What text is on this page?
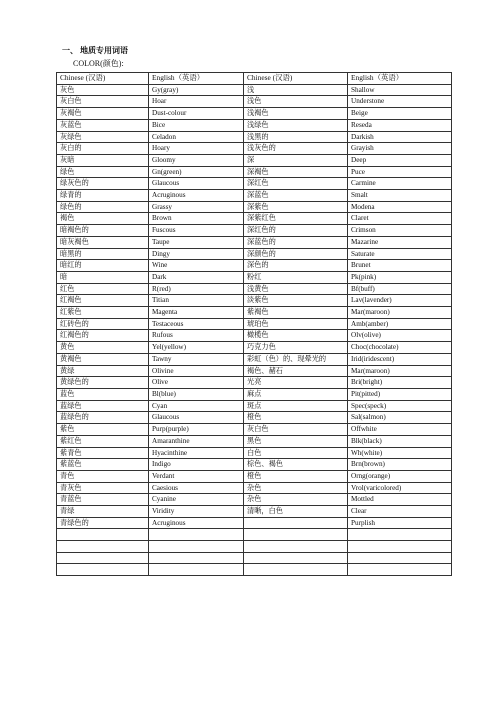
一、 地质专用词语
COLOR(颜色):
Chinese (汉语)	English（英语）	Chinese (汉语)	English（英语）
灰色	Gy(gray)	浅	Shallow
灰白色	Hoar	浅色	Understone
灰褐色	Dust-colour	浅褐色	Beige
灰蓝色	Bice	浅绿色	Reseda
灰绿色	Celadon	浅黑的	Darkish
灰白的	Hoary	浅灰色的	Grayish
灰暗	Gloomy	深	Deep
绿色	Gn(green)	深褐色	Puce
绿灰色的	Glaucous	深红色	Carmine
绿青的	Acruginous	深蓝色	Smalt
绿色的	Grassy	深紫色	Modena
褐色	Brown	深紫红色	Claret
暗褐色的	Fuscous	深红色的	Crimson
暗灰褐色	Taupe	深蓝色的	Mazarine
暗黑的	Dingy	深颜色的	Saturate
暗红的	Wine	深色的	Brunet
暗	Dark	粉红	Pk(pink)
红色	R(red)	浅黄色	Bf(buff)
红褐色	Titian	淡紫色	Lav(lavender)
红紫色	Magenta	紫褐色	Mar(maroon)
红砖色的	Testaceous	琥珀色	Amb(amber)
红褐色的	Rufous	橄榄色	Olv(olive)
黄色	Yel(yellow)	巧克力色	Choc(chocolate)
黄褐色	Tawny	彩虹（色）的、现晕光的	Irid(iridescent)
黄绿	Olivine	褐色、赭石	Mar(maroon)
黄绿色的	Olive	光亮	Bri(bright)
蓝色	Bl(blue)	麻点	Pit(pitted)
蓝绿色	Cyan	斑点	Spec(speck)
蓝绿色的	Glaucous	橙色	Sal(salmon)
紫色	Purp(purple)	灰白色	Offwhite
紫红色	Amaranthine	黑色	Blk(black)
紫青色	Hyacinthine	白色	Wh(white)
紫蓝色	Indigo	棕色、褐色	Brn(brown)
青色	Verdant	橙色	Orng(orange)
青灰色	Caesious	杂色	Vrol(varicolored)
青蓝色	Cyanine	杂色	Mottled
青绿	Viridity	清晰，白色	Clear
青绿色的	Acruginous		Purplish
